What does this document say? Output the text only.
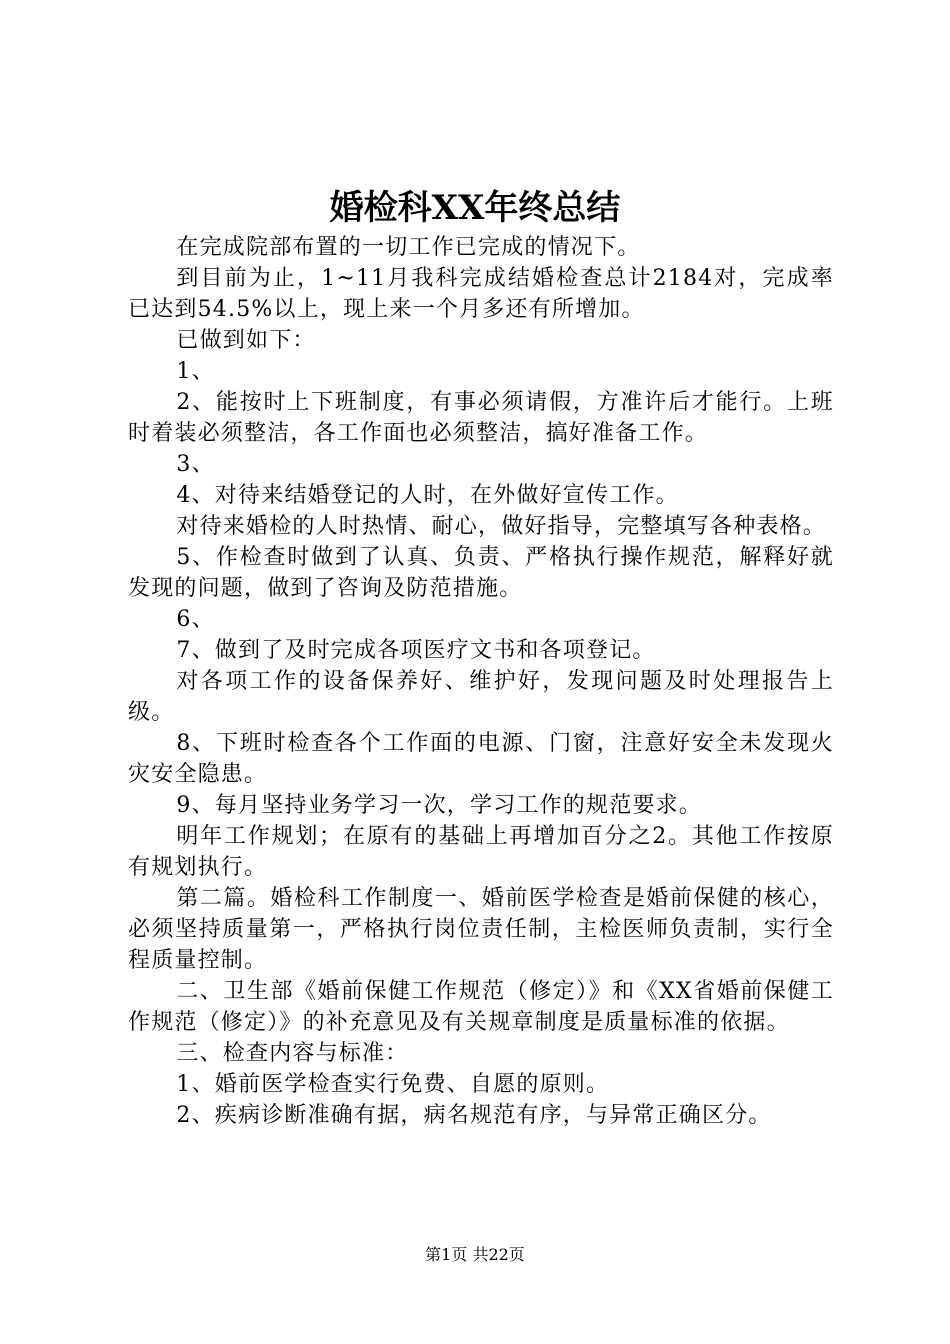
婚检科XX年终总结

在完成院部布置的一切工作已完成的情况下。

到目前为止，1~11月我科完成结婚检查总计2184对，完成率已达到54.5%以上，现上来一个月多还有所增加。

已做到如下：

1、

2、能按时上下班制度，有事必须请假，方准许后才能行。上班时着装必须整洁，各工作面也必须整洁，搞好准备工作。

3、

4、对待来结婚登记的人时，在外做好宣传工作。

对待来婚检的人时热情、耐心，做好指导，完整填写各种表格。

5、作检查时做到了认真、负责、严格执行操作规范，解释好就发现的问题，做到了咨询及防范措施。

6、

7、做到了及时完成各项医疗文书和各项登记。

对各项工作的设备保养好、维护好，发现问题及时处理报告上级。

8、下班时检查各个工作面的电源、门窗，注意好安全未发现火灾安全隐患。

9、每月坚持业务学习一次，学习工作的规范要求。

明年工作规划；在原有的基础上再增加百分之2。其他工作按原有规划执行。

第二篇。婚检科工作制度一、婚前医学检查是婚前保健的核心，必须坚持质量第一，严格执行岗位责任制，主检医师负责制，实行全程质量控制。

二、卫生部《婚前保健工作规范（修定）》和《XX省婚前保健工作规范（修定）》的补充意见及有关规章制度是质量标准的依据。

三、检查内容与标准：

1、婚前医学检查实行免费、自愿的原则。

2、疾病诊断准确有据，病名规范有序，与异常正确区分。

第1页 共22页
